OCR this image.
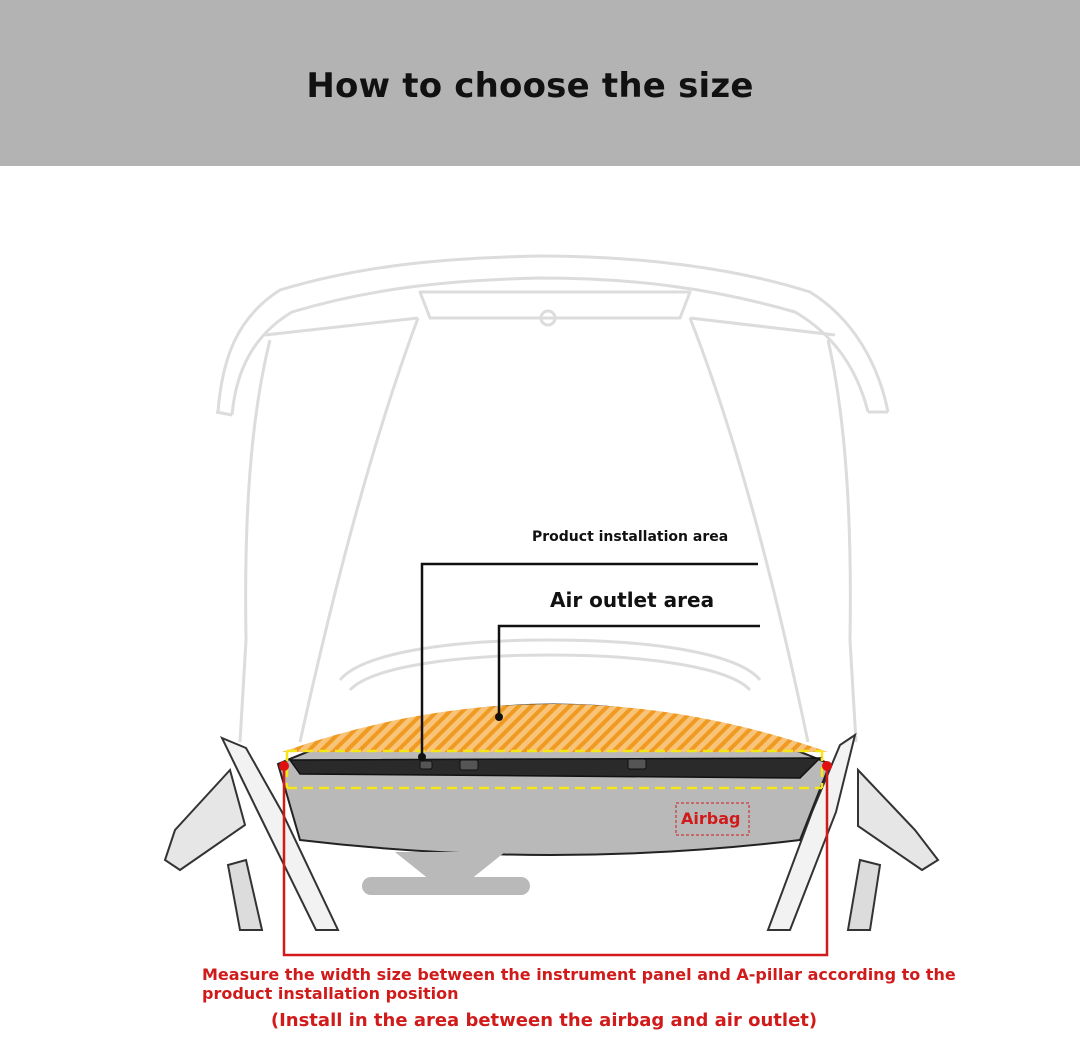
How to choose the size
Product installation area
Air outlet area
Airbag
Measure the width size between the instrument panel and A-pillar according to the product installation position
(Install in the area between the airbag and air outlet)
